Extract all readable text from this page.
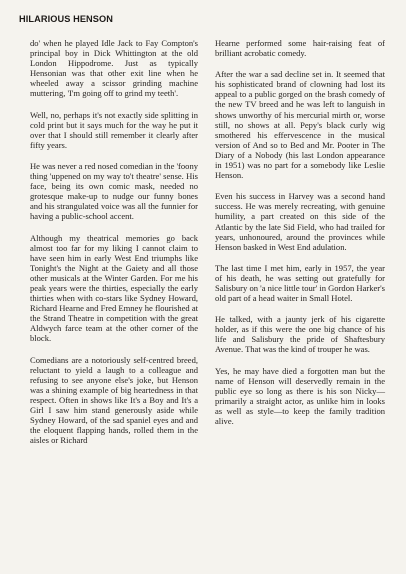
HILARIOUS HENSON

do' when he played Idle Jack to Fay Compton's principal boy in Dick Whittington at the old London Hippodrome. Just as typically Hensonian was that other exit line when he wheeled away a scissor grinding machine muttering, 'I'm going off to grind my teeth'.

Well, no, perhaps it's not exactly side splitting in cold print but it says much for the way he put it over that I should still remember it clearly after fifty years.

He was never a red nosed comedian in the 'foony thing 'uppened on my way to't theatre' sense. His face, being its own comic mask, needed no grotesque make-up to nudge our funny bones and his strangulated voice was all the funnier for having a public-school accent.

Although my theatrical memories go back almost too far for my liking I cannot claim to have seen him in early West End triumphs like Tonight's the Night at the Gaiety and all those other musicals at the Winter Garden. For me his peak years were the thirties, especially the early thirties when with co-stars like Sydney Howard, Richard Hearne and Fred Emney he flourished at the Strand Theatre in competition with the great Aldwych farce team at the other corner of the block.

Comedians are a notoriously self-centred breed, reluctant to yield a laugh to a colleague and refusing to see anyone else's joke, but Henson was a shining example of big heartedness in that respect. Often in shows like It's a Boy and It's a Girl I saw him stand generously aside while Sydney Howard, of the sad spaniel eyes and and the eloquent flapping hands, rolled them in the aisles or Richard

Hearne performed some hair-raising feat of brilliant acrobatic comedy.

After the war a sad decline set in. It seemed that his sophisticated brand of clowning had lost its appeal to a public gorged on the brash comedy of the new TV breed and he was left to languish in shows unworthy of his mercurial mirth or, worse still, no shows at all. Pepy's black curly wig smothered his effervescence in the musical version of And so to Bed and Mr. Pooter in The Diary of a Nobody (his last London appearance in 1951) was no part for a somebody like Leslie Henson.

Even his success in Harvey was a second hand success. He was merely recreating, with genuine humility, a part created on this side of the Atlantic by the late Sid Field, who had trailed for years, unhonoured, around the provinces while Henson basked in West End adulation.

The last time I met him, early in 1957, the year of his death, he was setting out gratefully for Salisbury on 'a nice little tour' in Gordon Harker's old part of a head waiter in Small Hotel.

He talked, with a jaunty jerk of his cigarette holder, as if this were the one big chance of his life and Salisbury the pride of Shaftesbury Avenue. That was the kind of trouper he was.

Yes, he may have died a forgotten man but the name of Henson will deservedly remain in the public eye so long as there is his son Nicky—primarily a straight actor, as unlike him in looks as well as style—to keep the family tradition alive.
